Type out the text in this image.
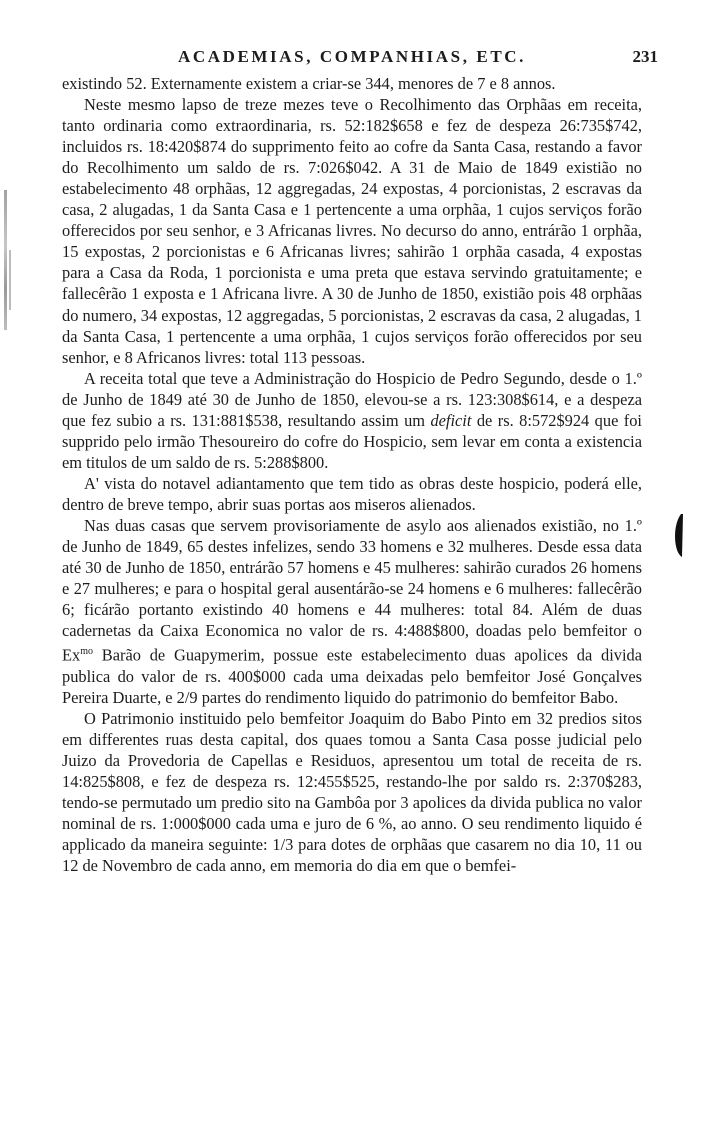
ACADEMIAS, COMPANHIAS, ETC.	231

existindo 52. Externamente existem a criar-se 344, menores de 7 e 8 annos.

Neste mesmo lapso de treze mezes teve o Recolhimento das Orphãas em receita, tanto ordinaria como extraordinaria, rs. 52:182$658 e fez de despeza 26:735$742, incluidos rs. 18:420$874 do supprimento feito ao cofre da Santa Casa, restando a favor do Recolhimento um saldo de rs. 7:026$042. A 31 de Maio de 1849 existião no estabelecimento 48 orphãas, 12 aggregadas, 24 expostas, 4 porcionistas, 2 escravas da casa, 2 alugadas, 1 da Santa Casa e 1 pertencente a uma orphãa, 1 cujos serviços forão offerecidos por seu senhor, e 3 Africanas livres. No decurso do anno, entrárão 1 orphãa, 15 expostas, 2 porcionistas e 6 Africanas livres; sahirão 1 orphãa casada, 4 expostas para a Casa da Roda, 1 porcionista e uma preta que estava servindo gratuitamente; e fallecêrão 1 exposta e 1 Africana livre. A 30 de Junho de 1850, existião pois 48 orphãas do numero, 34 expostas, 12 aggregadas, 5 porcionistas, 2 escravas da casa, 2 alugadas, 1 da Santa Casa, 1 pertencente a uma orphãa, 1 cujos serviços forão offerecidos por seu senhor, e 8 Africanos livres: total 113 pessoas.

A receita total que teve a Administração do Hospicio de Pedro Segundo, desde o 1.º de Junho de 1849 até 30 de Junho de 1850, elevou-se a rs. 123:308$614, e a despeza que fez subio a rs. 131:881$538, resultando assim um deficit de rs. 8:572$924 que foi supprido pelo irmão Thesoureiro do cofre do Hospicio, sem levar em conta a existencia em titulos de um saldo de rs. 5:288$800.

A' vista do notavel adiantamento que tem tido as obras deste hospicio, poderá elle, dentro de breve tempo, abrir suas portas aos miseros alienados.

Nas duas casas que servem provisoriamente de asylo aos alienados existião, no 1.º de Junho de 1849, 65 destes infelizes, sendo 33 homens e 32 mulheres. Desde essa data até 30 de Junho de 1850, entrárão 57 homens e 45 mulheres: sahirão curados 26 homens e 27 mulheres; e para o hospital geral ausentárão-se 24 homens e 6 mulheres: fallecêrão 6; ficárão portanto existindo 40 homens e 44 mulheres: total 84. Além de duas cadernetas da Caixa Economica no valor de rs. 4:488$800, doadas pelo bemfeitor o $Ex^{mo}$ Barão de Guapymerim, possue este estabelecimento duas apolices da divida publica do valor de rs. 400$000 cada uma deixadas pelo bemfeitor José Gonçalves Pereira Duarte, e 2/9 partes do rendimento liquido do patrimonio do bemfeitor Babo.

O Patrimonio instituido pelo bemfeitor Joaquim do Babo Pinto em 32 predios sitos em differentes ruas desta capital, dos quaes tomou a Santa Casa posse judicial pelo Juizo da Provedoria de Capellas e Residuos, apresentou um total de receita de rs. 14:825$808, e fez de despeza rs. 12:455$525, restando-lhe por saldo rs. 2:370$283, tendo-se permutado um predio sito na Gambôa por 3 apolices da divida publica no valor nominal de rs. 1:000$000 cada uma e juro de 6 %, ao anno. O seu rendimento liquido é applicado da maneira seguinte: 1/3 para dotes de orphãas que casarem no dia 10, 11 ou 12 de Novembro de cada anno, em memoria do dia em que o bemfei-
